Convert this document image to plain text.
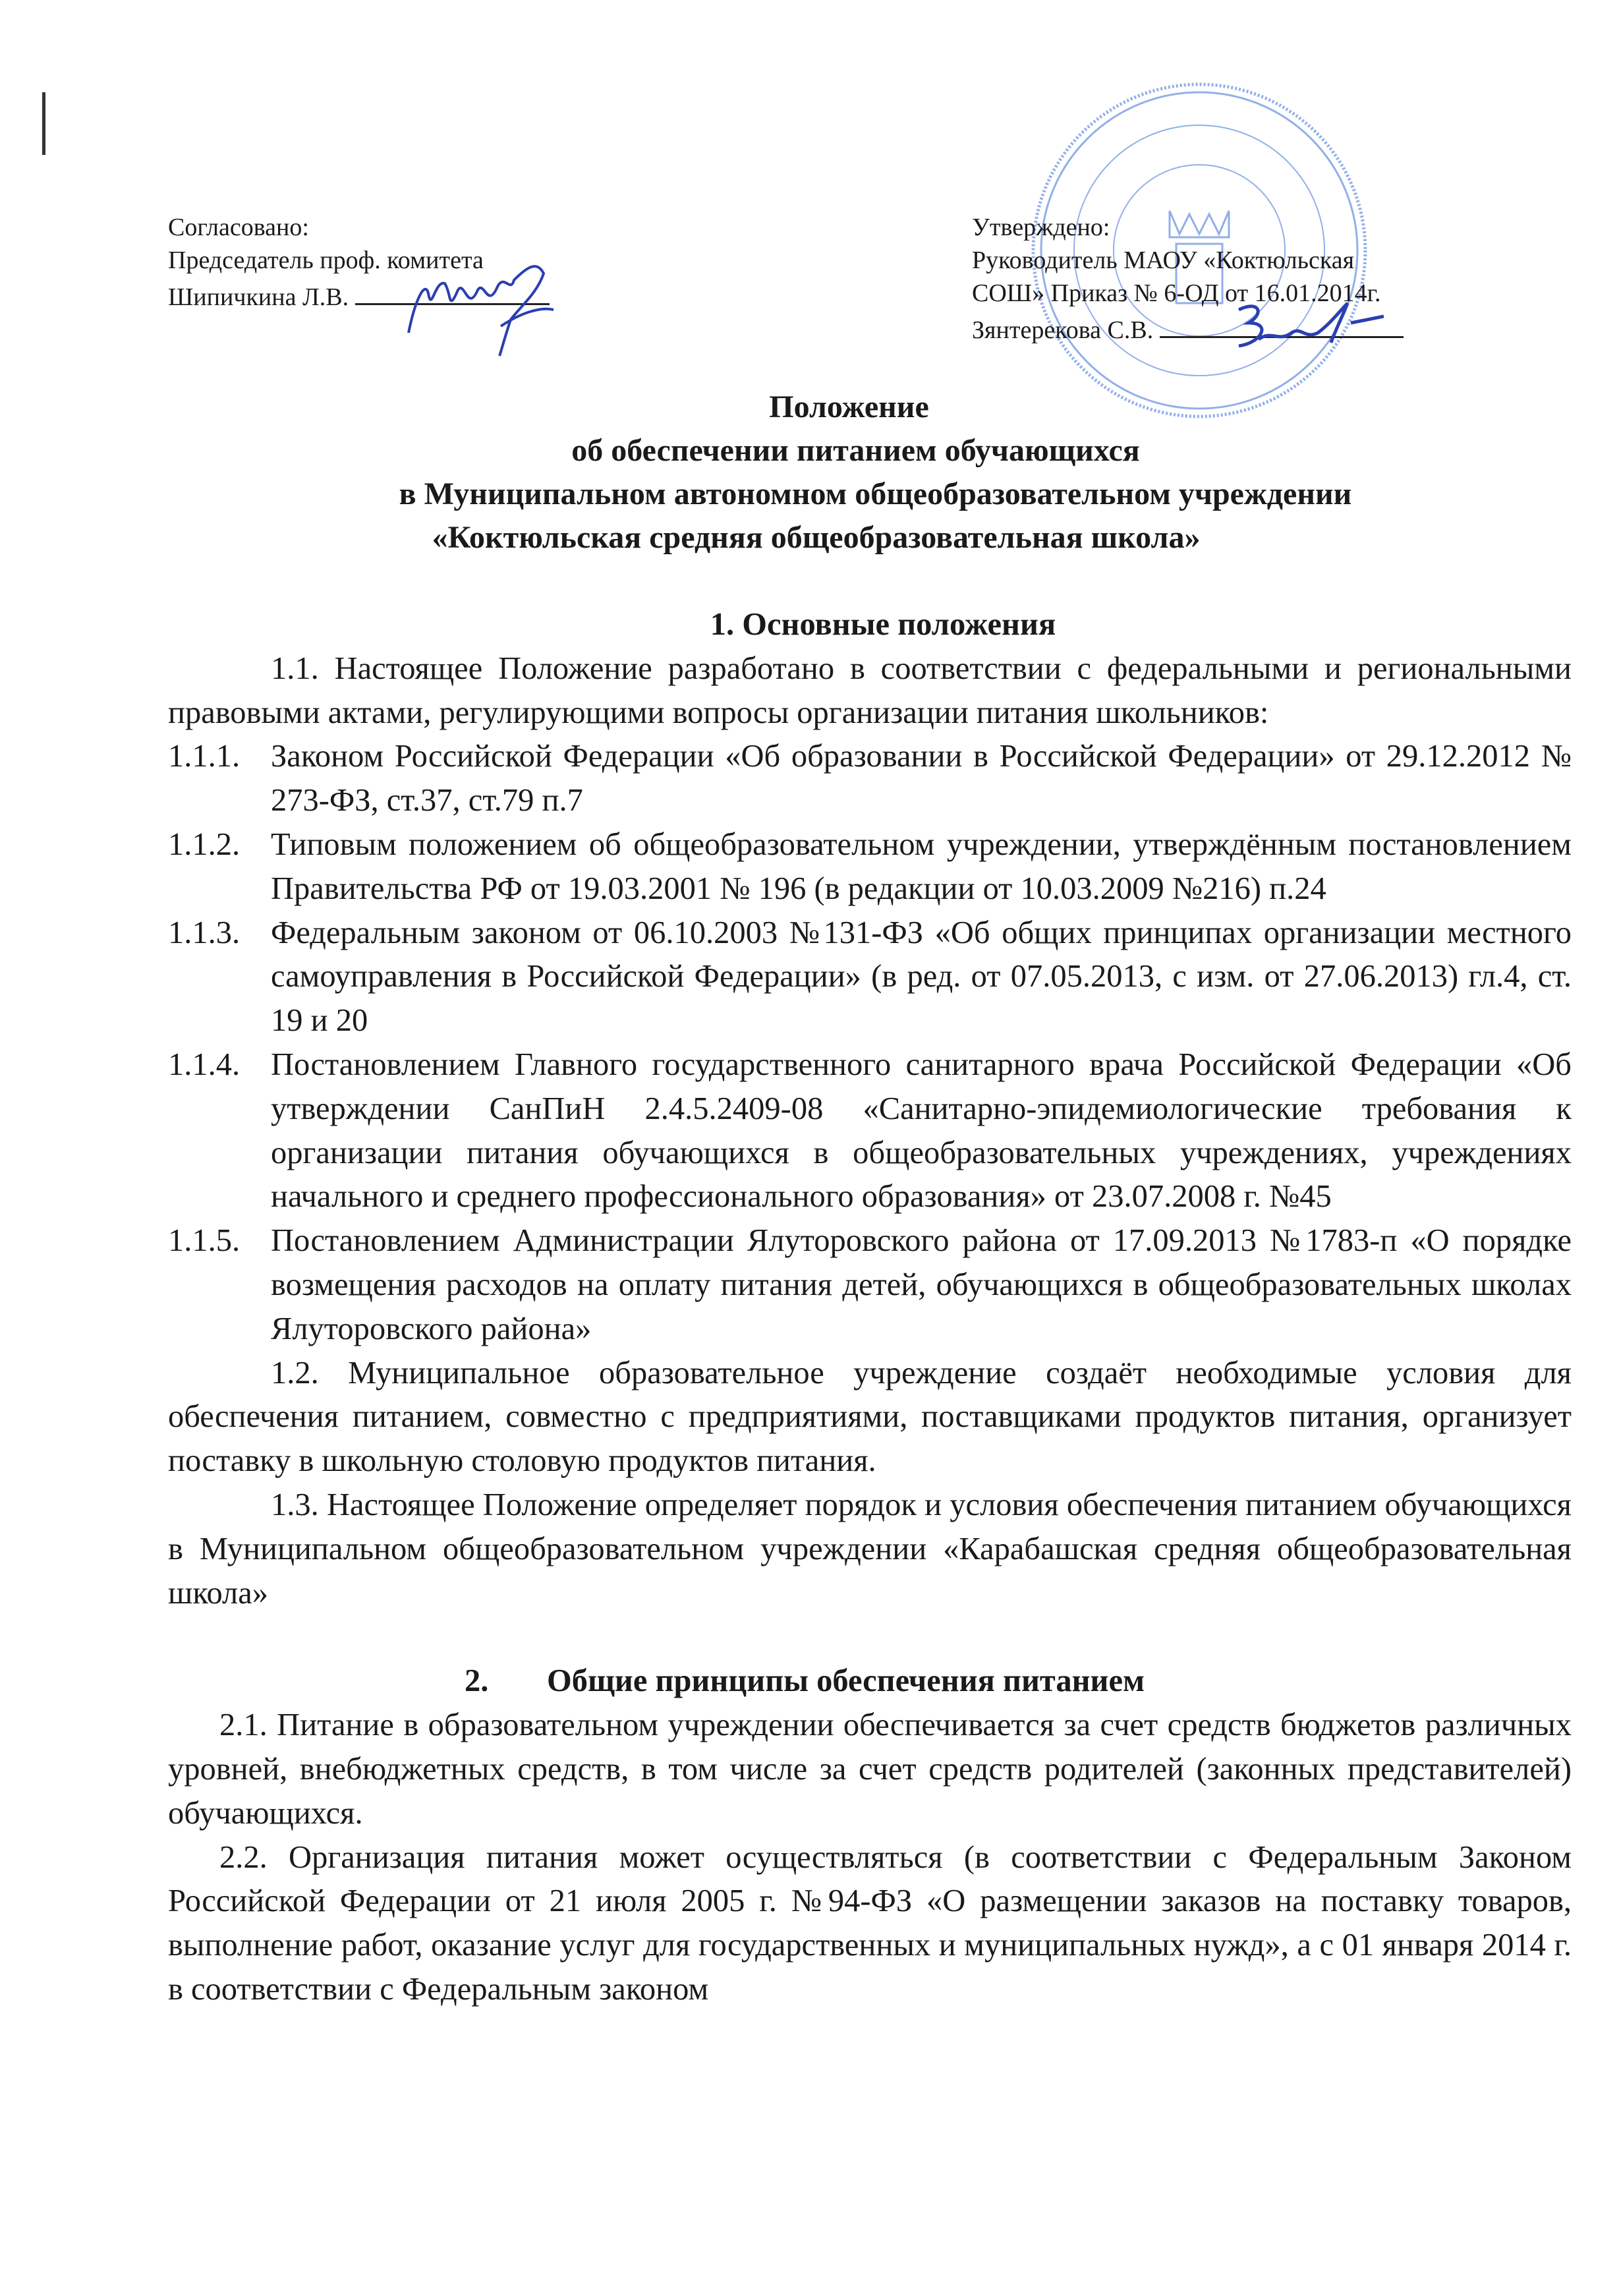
Согласовано:
Председатель проф. комитета
Шипичкина Л.В.
Утверждено:
Руководитель МАОУ «Коктюльская
СОШ» Приказ № 6-ОД от 16.01.2014г.
Зянтерекова С.В.
Положение
об обеспечении питанием обучающихся
в Муниципальном автономном общеобразовательном учреждении
«Коктюльская средняя общеобразовательная школа»
1. Основные положения
1.1. Настоящее Положение разработано в соответствии с федеральными и региональными правовыми актами, регулирующими вопросы организации питания школьников:
1.1.1. Законом Российской Федерации «Об образовании в Российской Федерации» от 29.12.2012 № 273-ФЗ, ст.37, ст.79 п.7
1.1.2. Типовым положением об общеобразовательном учреждении, утверждённым постановлением Правительства РФ от 19.03.2001 № 196 (в редакции от 10.03.2009 №216) п.24
1.1.3. Федеральным законом от 06.10.2003 №131-ФЗ «Об общих принципах организации местного самоуправления в Российской Федерации» (в ред. от 07.05.2013, с изм. от 27.06.2013) гл.4, ст. 19 и 20
1.1.4. Постановлением Главного государственного санитарного врача Российской Федерации «Об утверждении СанПиН 2.4.5.2409-08 «Санитарно-эпидемиологические требования к организации питания обучающихся в общеобразовательных учреждениях, учреждениях начального и среднего профессионального образования» от 23.07.2008 г. №45
1.1.5. Постановлением Администрации Ялуторовского района от 17.09.2013 №1783-п «О порядке возмещения расходов на оплату питания детей, обучающихся в общеобразовательных школах Ялуторовского района»
1.2. Муниципальное образовательное учреждение создаёт необходимые условия для обеспечения питанием, совместно с предприятиями, поставщиками продуктов питания, организует поставку в школьную столовую продуктов питания.
1.3. Настоящее Положение определяет порядок и условия обеспечения питанием обучающихся в Муниципальном общеобразовательном учреждении «Карабашская средняя общеобразовательная школа»
2. Общие принципы обеспечения питанием
2.1. Питание в образовательном учреждении обеспечивается за счет средств бюджетов различных уровней, внебюджетных средств, в том числе за счет средств родителей (законных представителей) обучающихся.
2.2. Организация питания может осуществляться (в соответствии с Федеральным Законом Российской Федерации от 21 июля 2005 г. №94-ФЗ «О размещении заказов на поставку товаров, выполнение работ, оказание услуг для государственных и муниципальных нужд», а с 01 января 2014 г. в соответствии с Федеральным законом
